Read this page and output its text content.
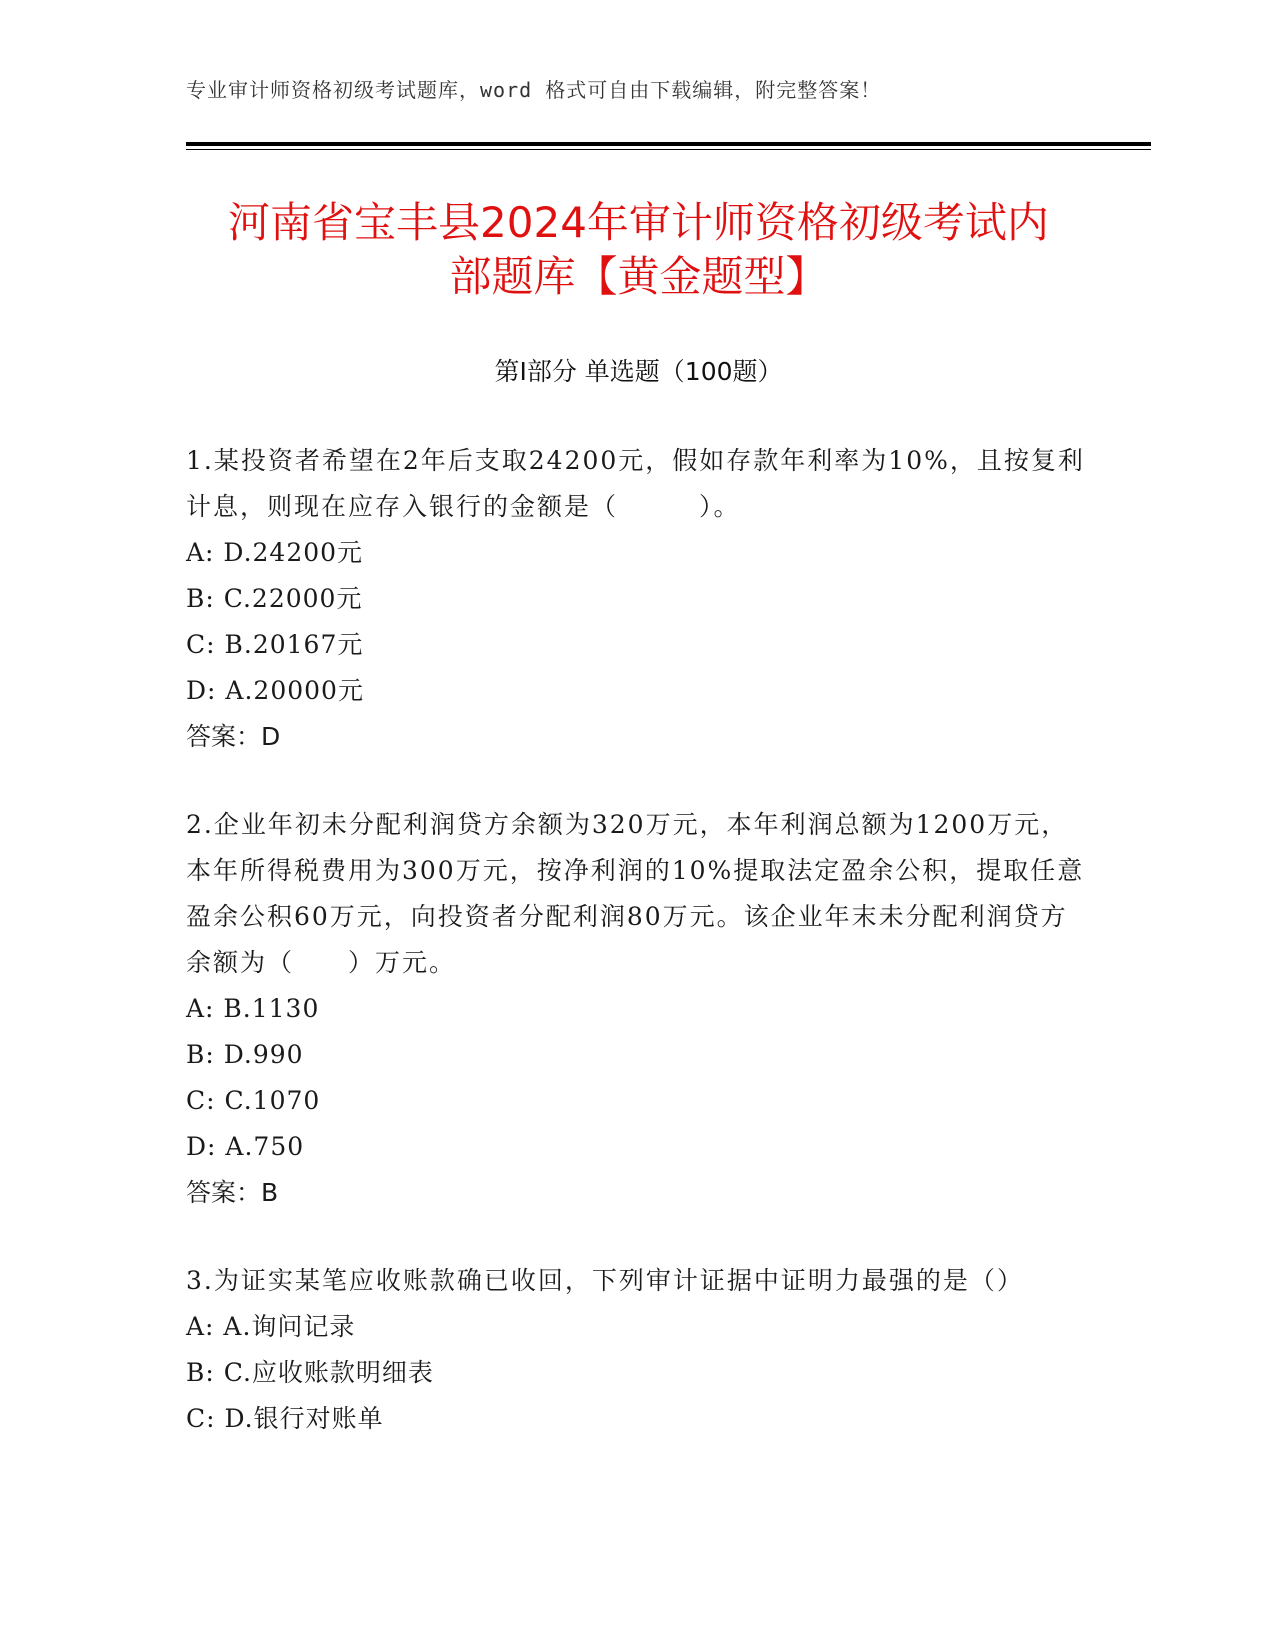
专业审计师资格初级考试题库，word 格式可自由下载编辑，附完整答案！
河南省宝丰县2024年审计师资格初级考试内
部题库【黄金题型】
第I部分 单选题（100题）

1.某投资者希望在2年后支取24200元，假如存款年利率为10%，且按复利计息，则现在应存入银行的金额是（　　　）。

A: D.24200元

B: C.22000元

C: B.20167元

D: A.20000元

答案：D

2.企业年初未分配利润贷方余额为320万元，本年利润总额为1200万元，本年所得税费用为300万元，按净利润的10%提取法定盈余公积，提取任意盈余公积60万元，向投资者分配利润80万元。该企业年末未分配利润贷方余额为（　　）万元。

A: B.1130

B: D.990

C: C.1070

D: A.750

答案：B

3.为证实某笔应收账款确已收回，下列审计证据中证明力最强的是（）

A: A.询问记录

B: C.应收账款明细表

C: D.银行对账单
